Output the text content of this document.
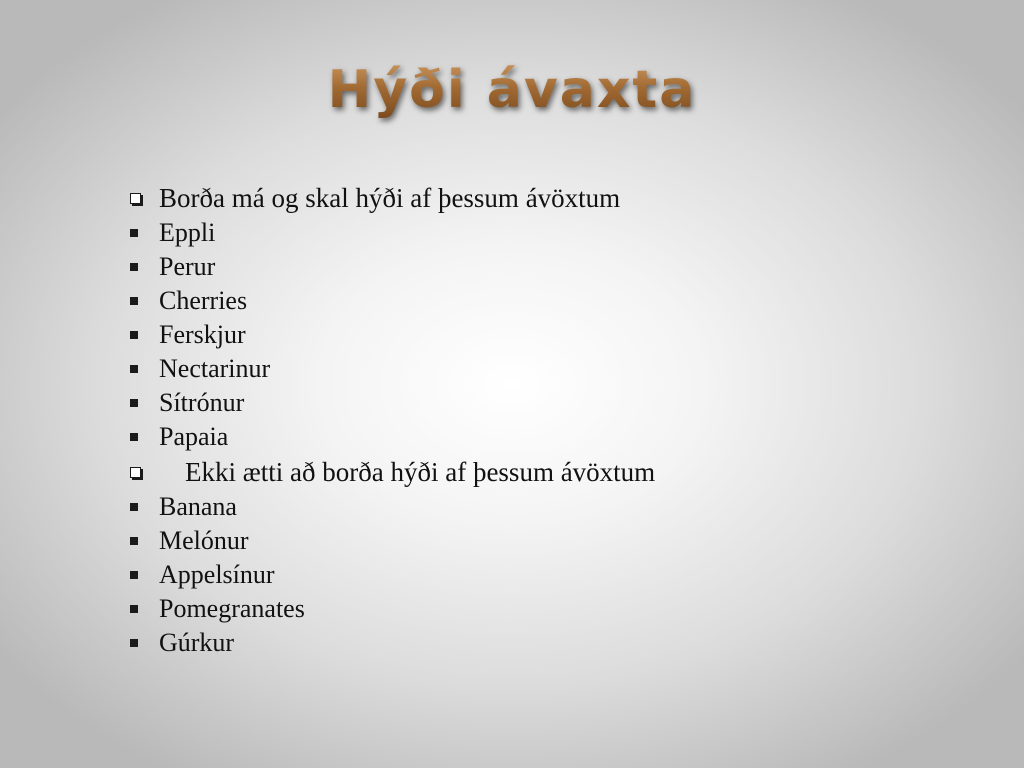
Hýði ávaxta
Borða má og skal hýði af þessum ávöxtum
Eppli
Perur
Cherries
Ferskjur
Nectarinur
Sítrónur
Papaia
Ekki ætti að borða hýði af þessum ávöxtum
Banana
Melónur
Appelsínur
Pomegranates
Gúrkur
